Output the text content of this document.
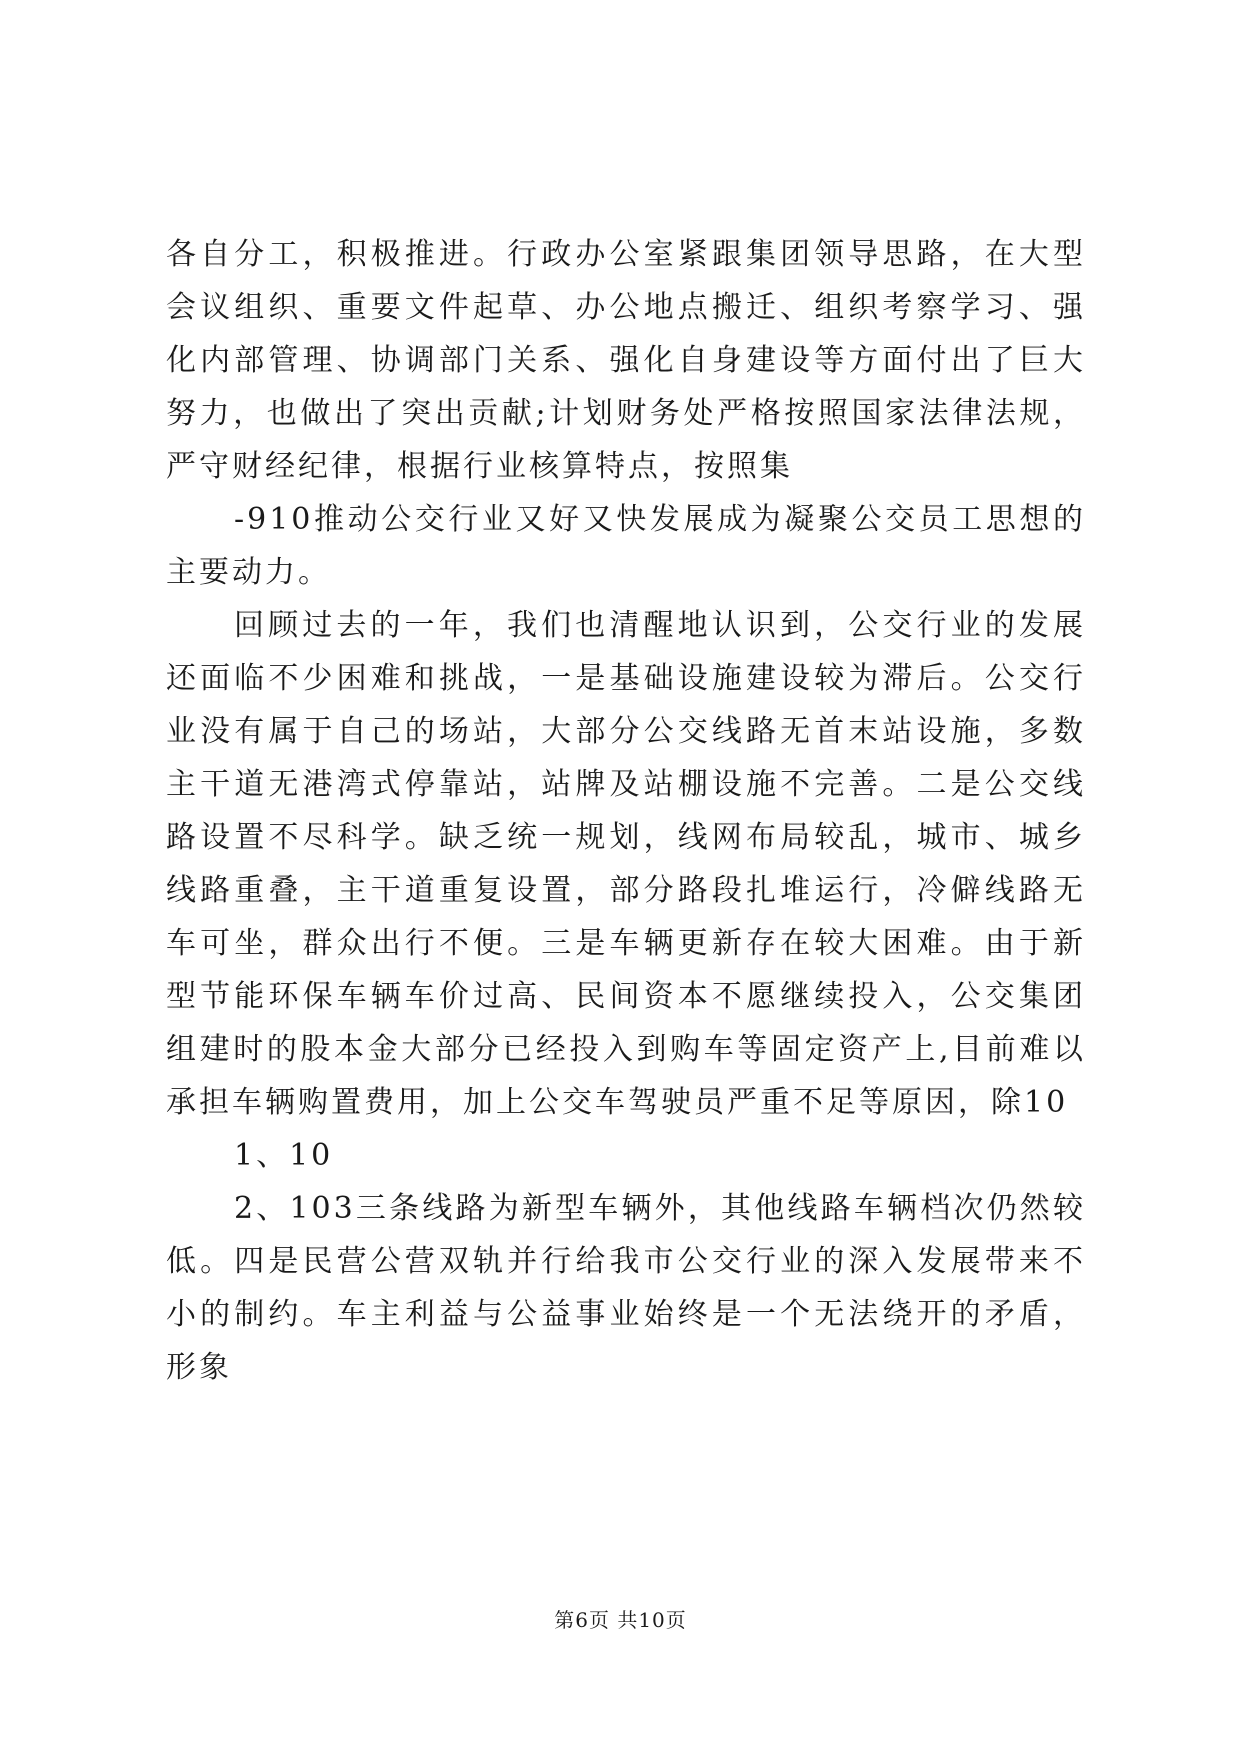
各自分工，积极推进。行政办公室紧跟集团领导思路，在大型会议组织、重要文件起草、办公地点搬迁、组织考察学习、强化内部管理、协调部门关系、强化自身建设等方面付出了巨大努力，也做出了突出贡献;计划财务处严格按照国家法律法规，严守财经纪律，根据行业核算特点，按照集

-910推动公交行业又好又快发展成为凝聚公交员工思想的主要动力。

回顾过去的一年，我们也清醒地认识到，公交行业的发展还面临不少困难和挑战，一是基础设施建设较为滞后。公交行业没有属于自己的场站，大部分公交线路无首末站设施，多数主干道无港湾式停靠站，站牌及站棚设施不完善。二是公交线路设置不尽科学。缺乏统一规划，线网布局较乱，城市、城乡线路重叠，主干道重复设置，部分路段扎堆运行，冷僻线路无车可坐，群众出行不便。三是车辆更新存在较大困难。由于新型节能环保车辆车价过高、民间资本不愿继续投入，公交集团组建时的股本金大部分已经投入到购车等固定资产上,目前难以承担车辆购置费用，加上公交车驾驶员严重不足等原因，除10

1、10

2、103三条线路为新型车辆外，其他线路车辆档次仍然较低。四是民营公营双轨并行给我市公交行业的深入发展带来不小的制约。车主利益与公益事业始终是一个无法绕开的矛盾，形象

第6页 共10页
